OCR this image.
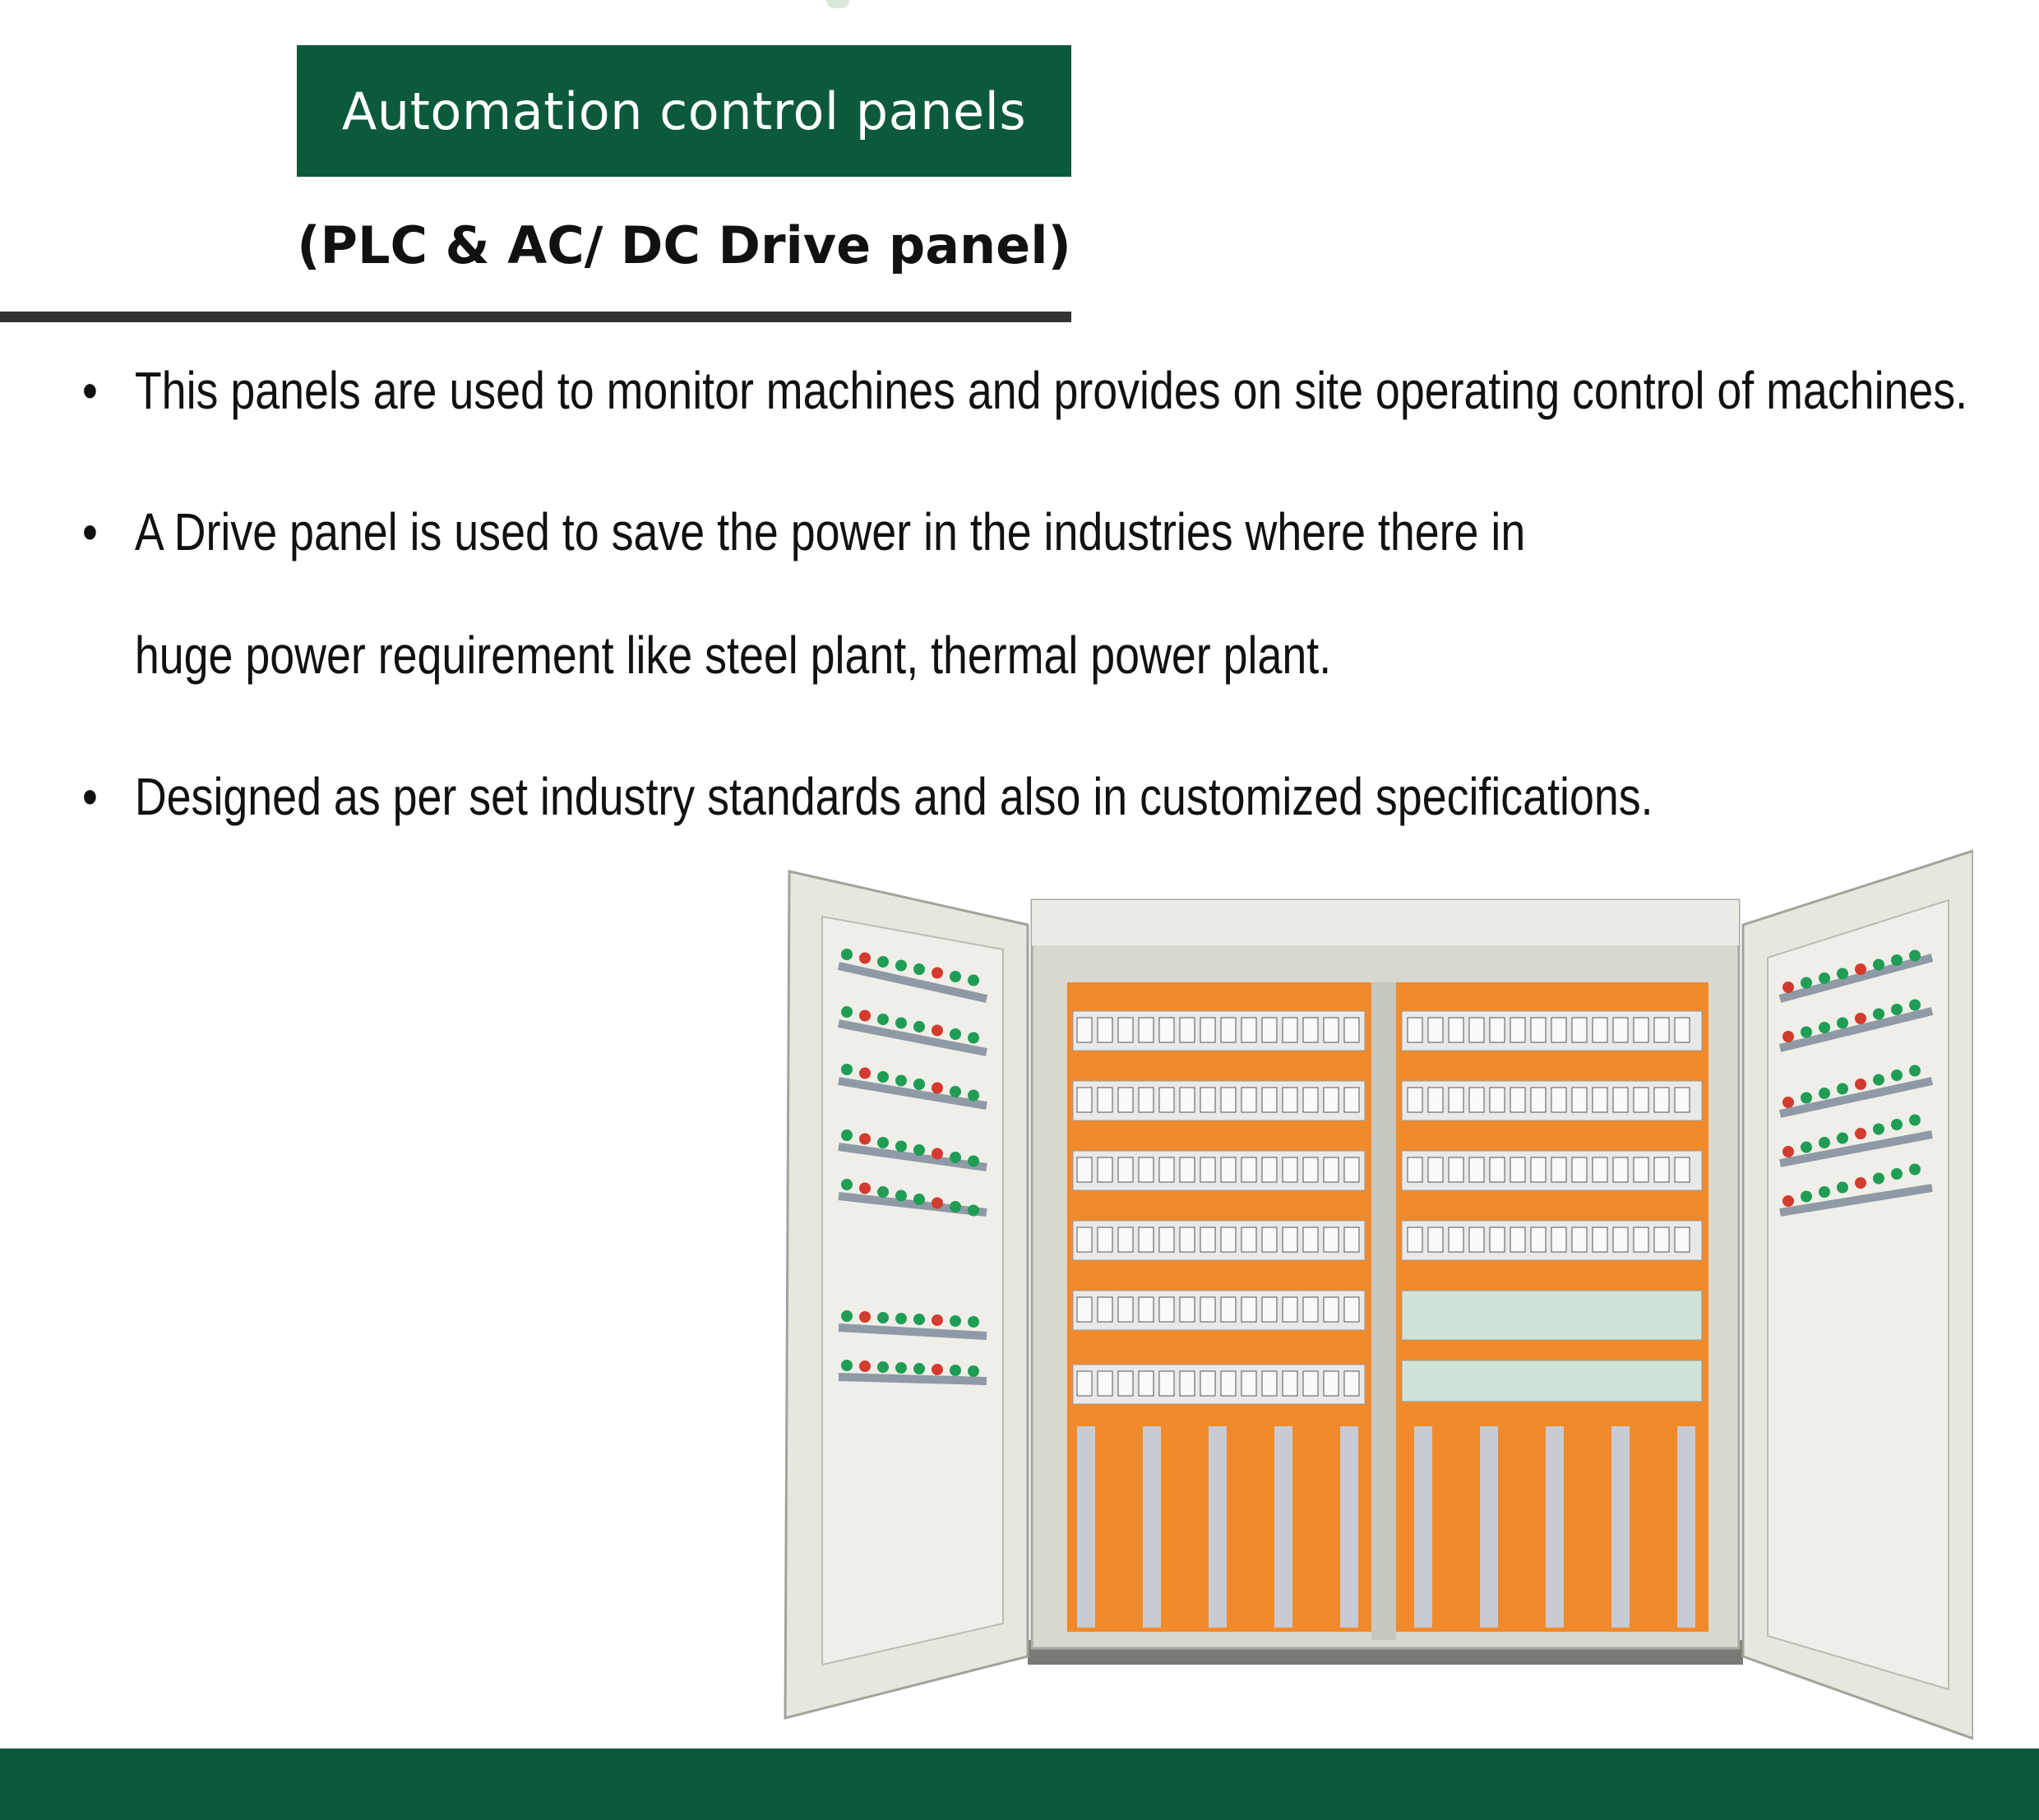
Automation control panels
(PLC & AC/ DC Drive panel)
• This panels are used to monitor machines and provides on site operating control of machines.
• A Drive panel is used to save the power in the industries where there in huge power requirement like steel plant, thermal power plant.
• Designed as per set industry standards and also in customized specifications.
